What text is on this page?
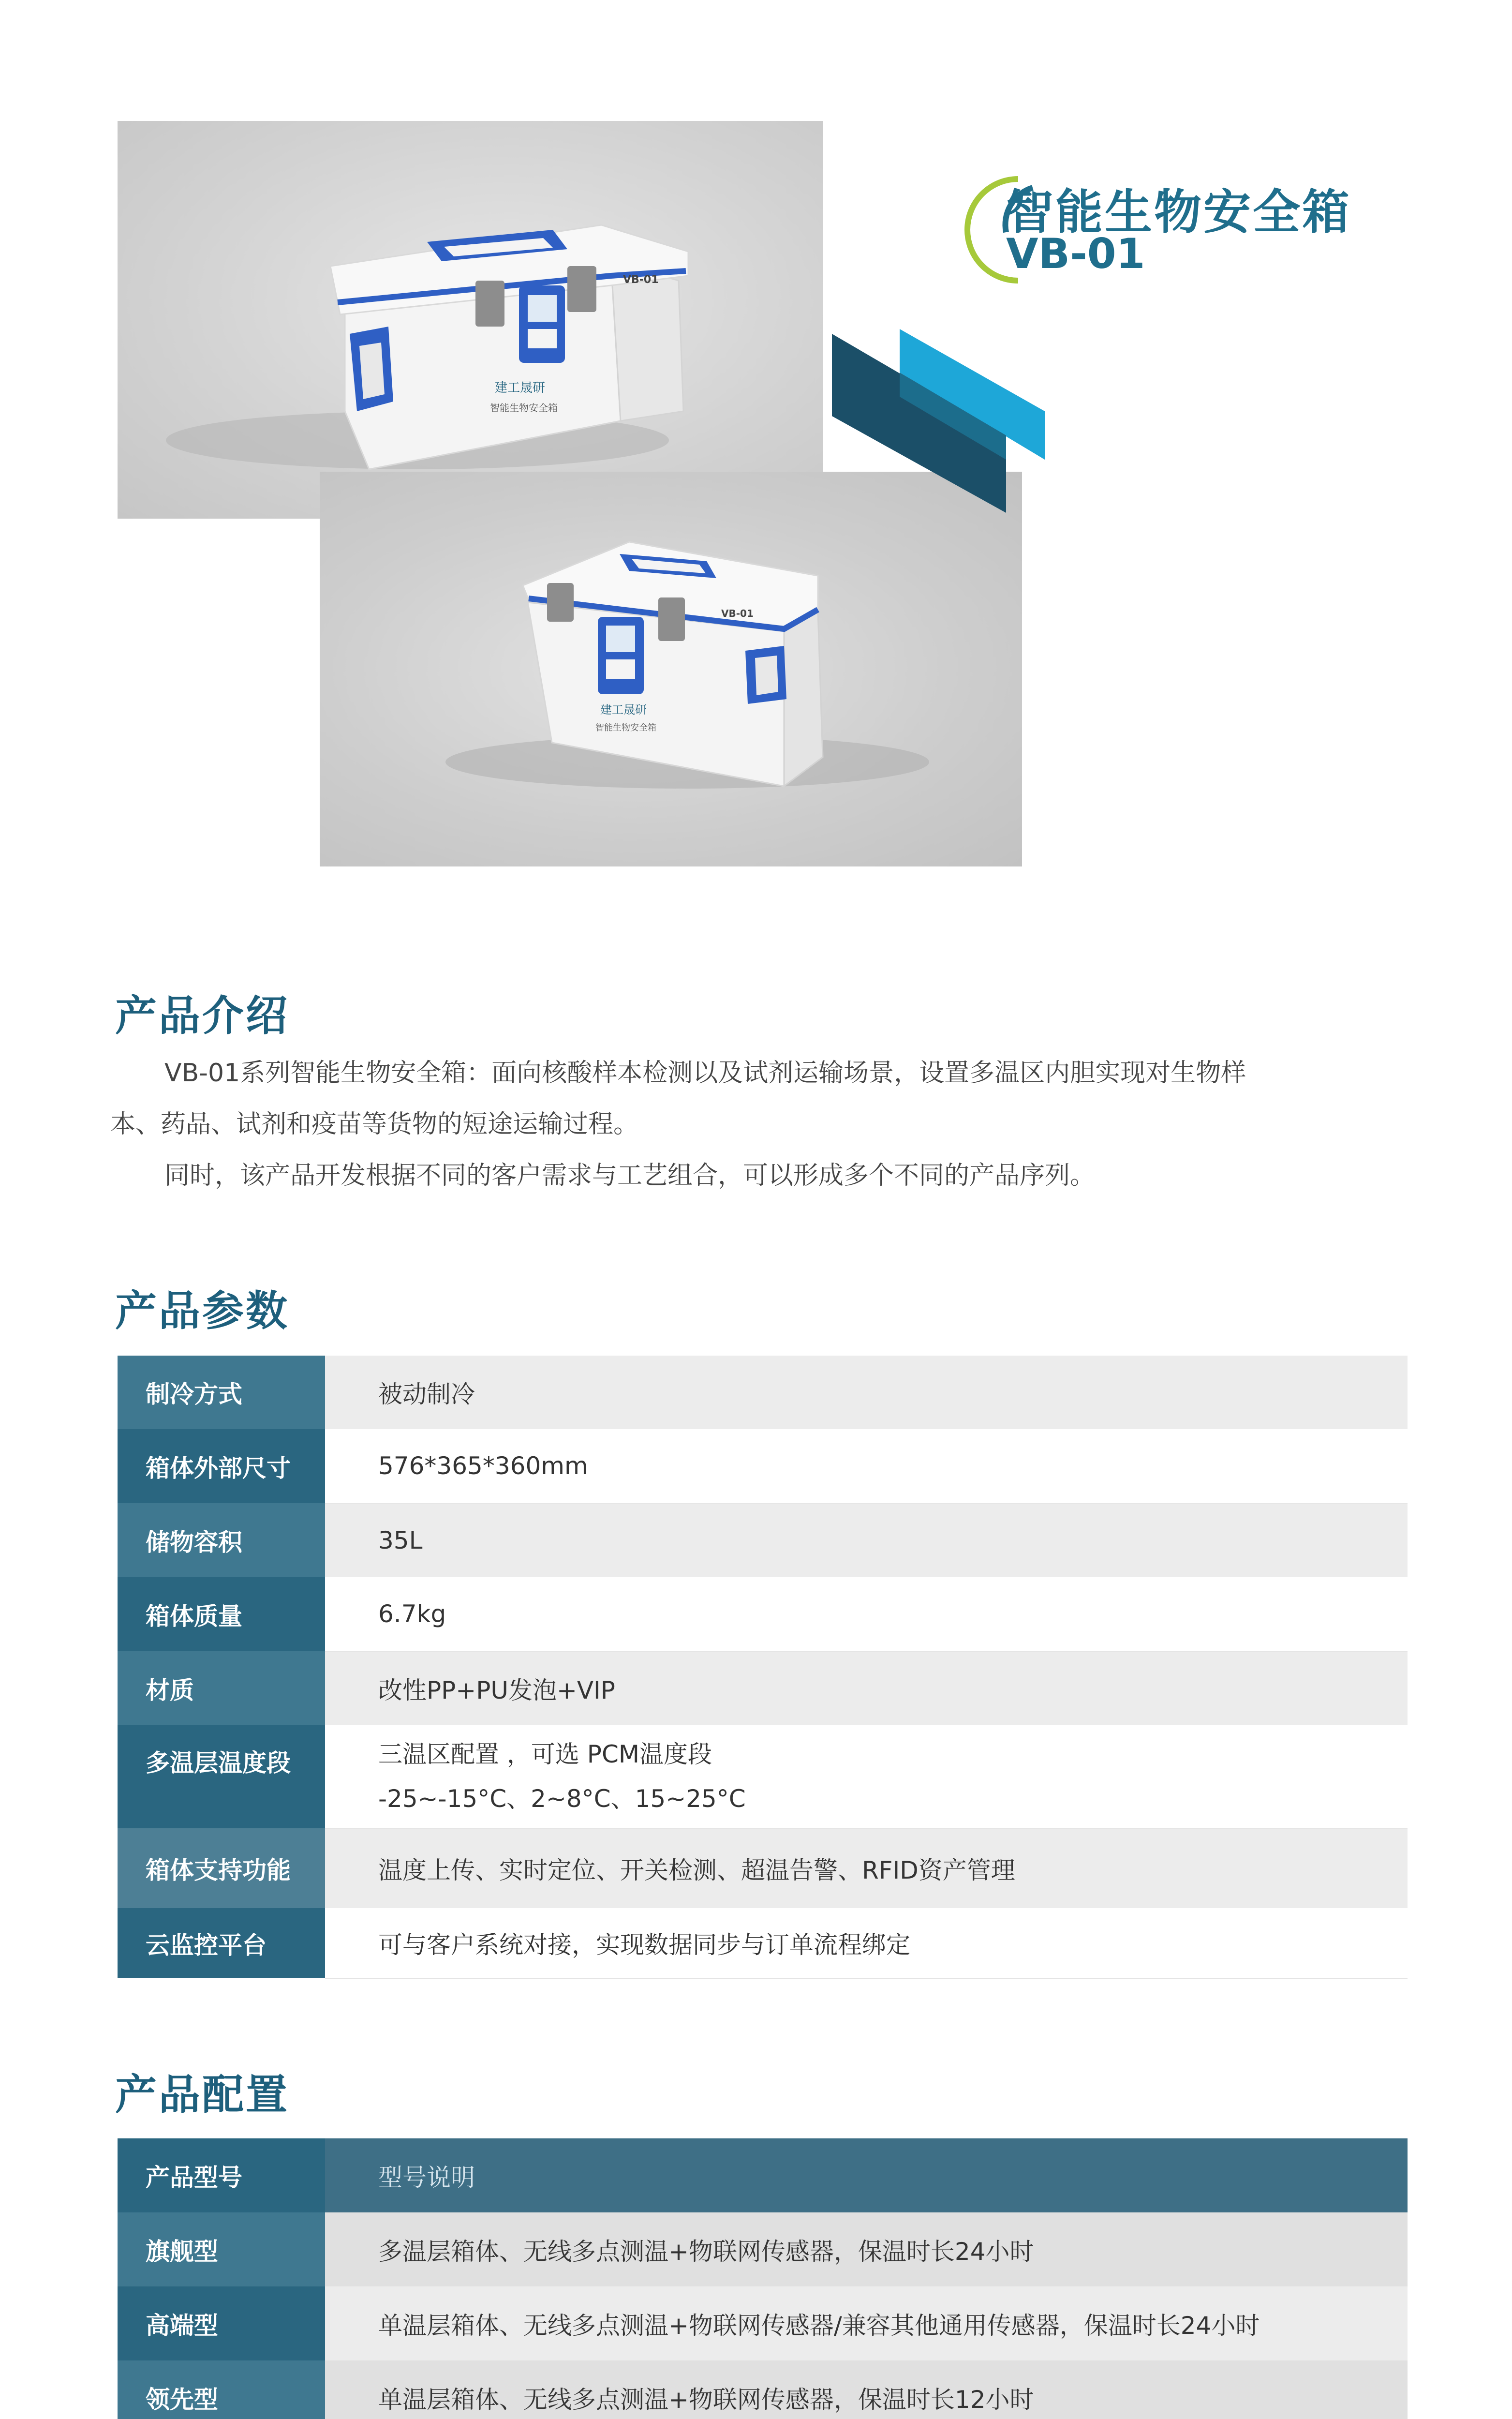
建工晟研
智能生物安全箱
VB-01
建工晟研
智能生物安全箱
VB-01
智能生物安全箱
VB-01
产品介绍
VB-01系列智能生物安全箱：面向核酸样本检测以及试剂运输场景，设置多温区内胆实现对生物样
本、药品、试剂和疫苗等货物的短途运输过程。
同时，该产品开发根据不同的客户需求与工艺组合，可以形成多个不同的产品序列。
产品参数
制冷方式	被动制冷
箱体外部尺寸	576*365*360mm
储物容积	35L
箱体质量	6.7kg
材质	改性PP+PU发泡+VIP
多温层温度段	三温区配置 ，可选 PCM温度段
-25~-15°C、2~8°C、15~25°C

箱体支持功能	温度上传、实时定位、开关检测、超温告警、RFID资产管理
云监控平台	可与客户系统对接，实现数据同步与订单流程绑定
产品配置
产品型号	型号说明
旗舰型	多温层箱体、无线多点测温+物联网传感器，保温时长24小时
高端型	单温层箱体、无线多点测温+物联网传感器/兼容其他通用传感器，保温时长24小时
领先型	单温层箱体、无线多点测温+物联网传感器，保温时长12小时
